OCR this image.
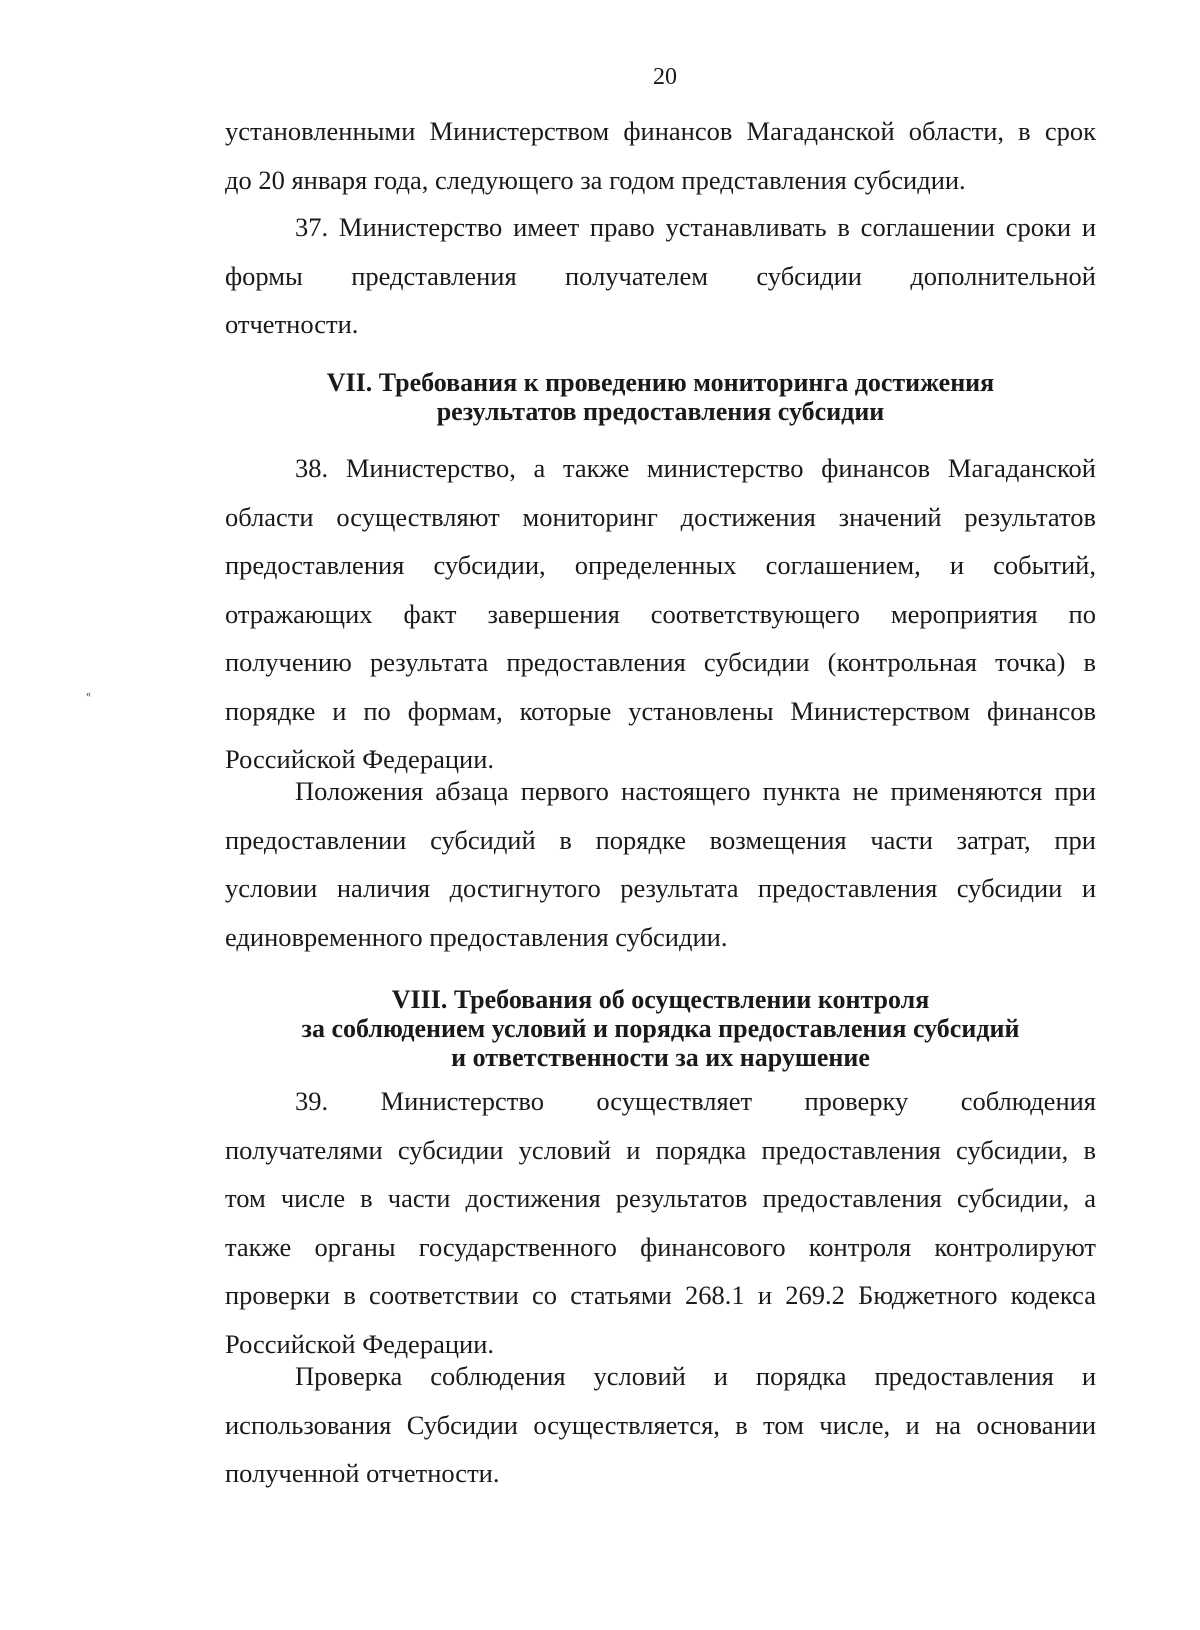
20
установленными Министерством финансов Магаданской области, в срок
до 20 января года, следующего за годом представления субсидии.
37. Министерство имеет право устанавливать в соглашении сроки и
формы представления получателем субсидии дополнительной
отчетности.
VII. Требования к проведению мониторинга достижения
результатов предоставления субсидии
38. Министерство, а также министерство финансов Магаданской
области осуществляют мониторинг достижения значений результатов
предоставления субсидии, определенных соглашением, и событий,
отражающих факт завершения соответствующего мероприятия по
получению результата предоставления субсидии (контрольная точка) в
порядке и по формам, которые установлены Министерством финансов
Российской Федерации.
Положения абзаца первого настоящего пункта не применяются при
предоставлении субсидий в порядке возмещения части затрат, при
условии наличия достигнутого результата предоставления субсидии и
единовременного предоставления субсидии.
VIII. Требования об осуществлении контроля
за соблюдением условий и порядка предоставления субсидий
и ответственности за их нарушение
39. Министерство осуществляет проверку соблюдения
получателями субсидии условий и порядка предоставления субсидии, в
том числе в части достижения результатов предоставления субсидии, а
также органы государственного финансового контроля контролируют
проверки в соответствии со статьями 268.1 и 269.2 Бюджетного кодекса
Российской Федерации.
Проверка соблюдения условий и порядка предоставления и
использования Субсидии осуществляется, в том числе, и на основании
полученной отчетности.
«
